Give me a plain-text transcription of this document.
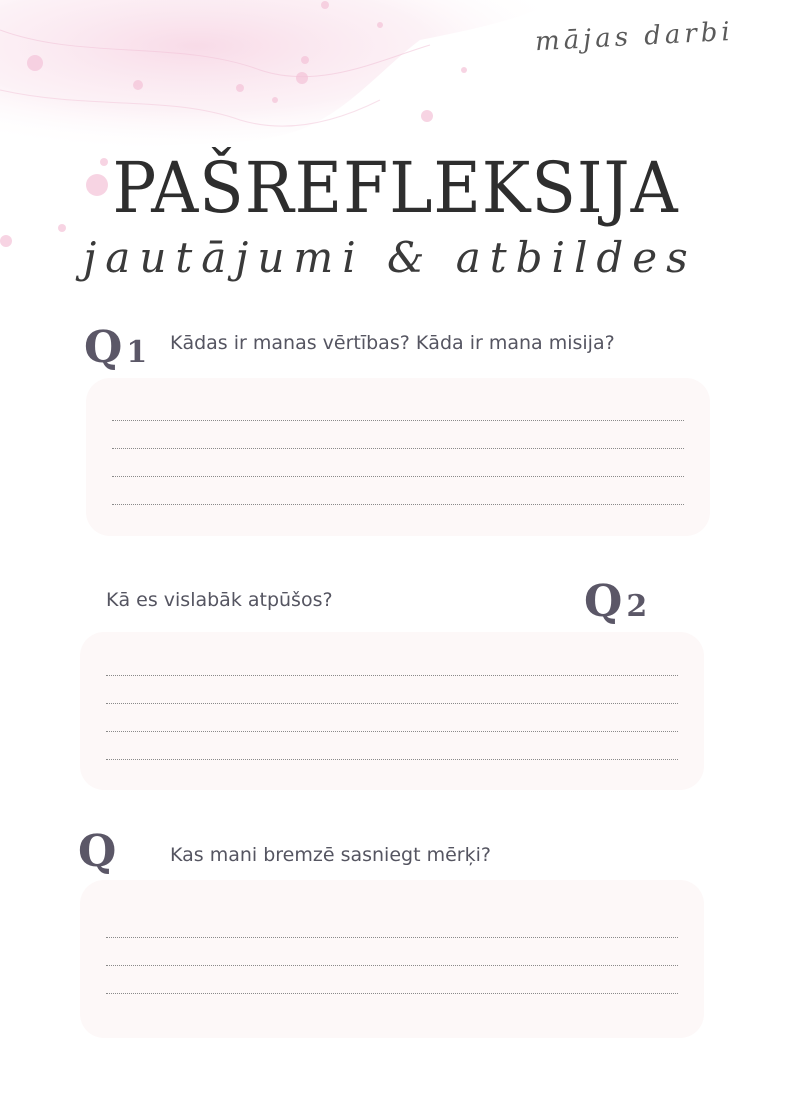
mājas darbi
PAŠREFLEKSIJA
jautājumi & atbildes
Q 1 Kādas ir manas vērtības? Kāda ir mana misija?
Kā es vislabāk atpūšos?	Q 2
Q	Kas mani bremzē sasniegt mērķi?
